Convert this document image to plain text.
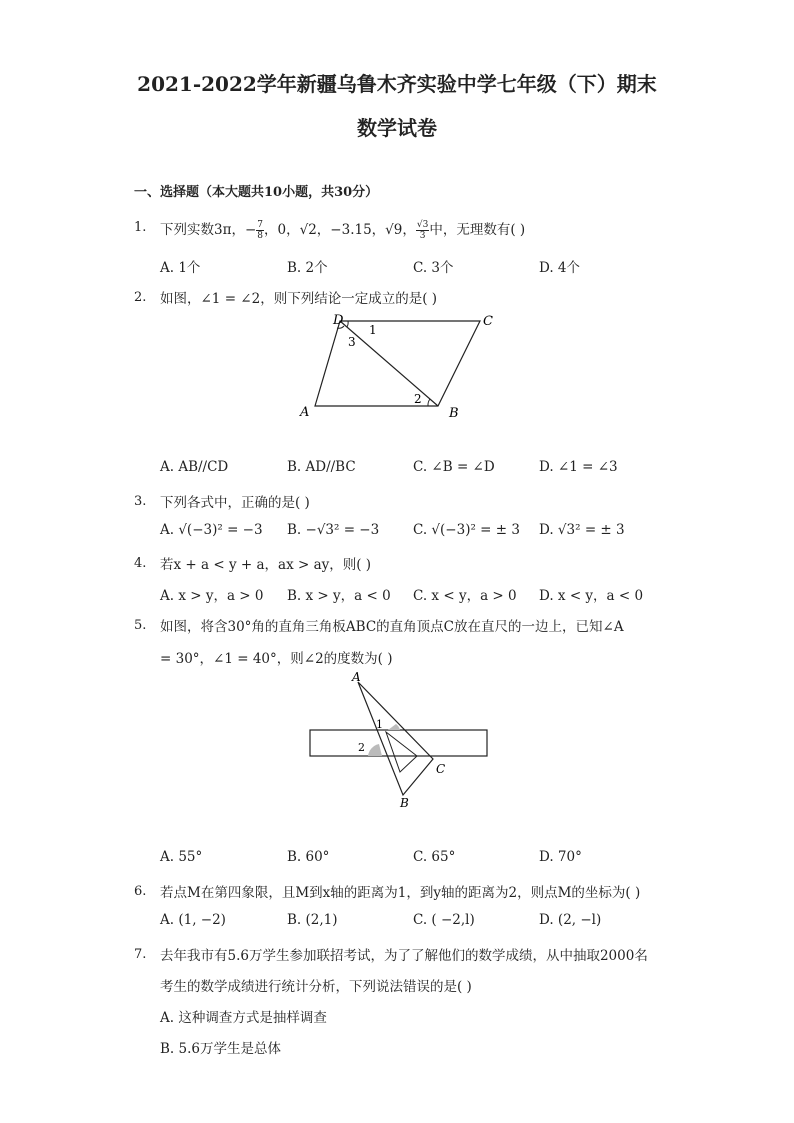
2021-2022学年新疆乌鲁木齐实验中学七年级（下）期末
数学试卷
一、选择题（本大题共10小题，共30分）
1. 下列实数3π，− $\frac{7}{8}$ ，0，√2，−3.15，√9， $\frac{√3}{3}$ 中，无理数有( )
A. 1个	B. 2个	C. 3个	D. 4个
2. 如图，∠1 = ∠2，则下列结论一定成立的是( )
D	C
A	B
1
3
2
A. AB//CD	B. AD//BC	C. ∠B = ∠D	D. ∠1 = ∠3
3. 下列各式中，正确的是( )
A. √(−3)² = −3 B. −√3² = −3	C. √(−3)² = ± 3 D. √3² = ± 3
4. 若x + a < y + a，ax > ay，则( )
A. x > y，a > 0 B. x > y，a < 0 C. x < y，a > 0 D. x < y，a < 0
5. 如图，将含30°角的直角三角板ABC的直角顶点C放在直尺的一边上，已知∠A
= 30°，∠1 = 40°，则∠2的度数为( )
A
B
C
1
2
A. 55°	B. 60°	C. 65°	D. 70°
6. 若点M在第四象限，且M到x轴的距离为1，到y轴的距离为2，则点M的坐标为( )
A. (1, −2)	B. (2,1)	C. ( −2,l)	D. (2, −l)
7. 去年我市有5.6万学生参加联招考试，为了了解他们的数学成绩，从中抽取2000名
考生的数学成绩进行统计分析，下列说法错误的是( )
A. 这种调查方式是抽样调查
B. 5.6万学生是总体
